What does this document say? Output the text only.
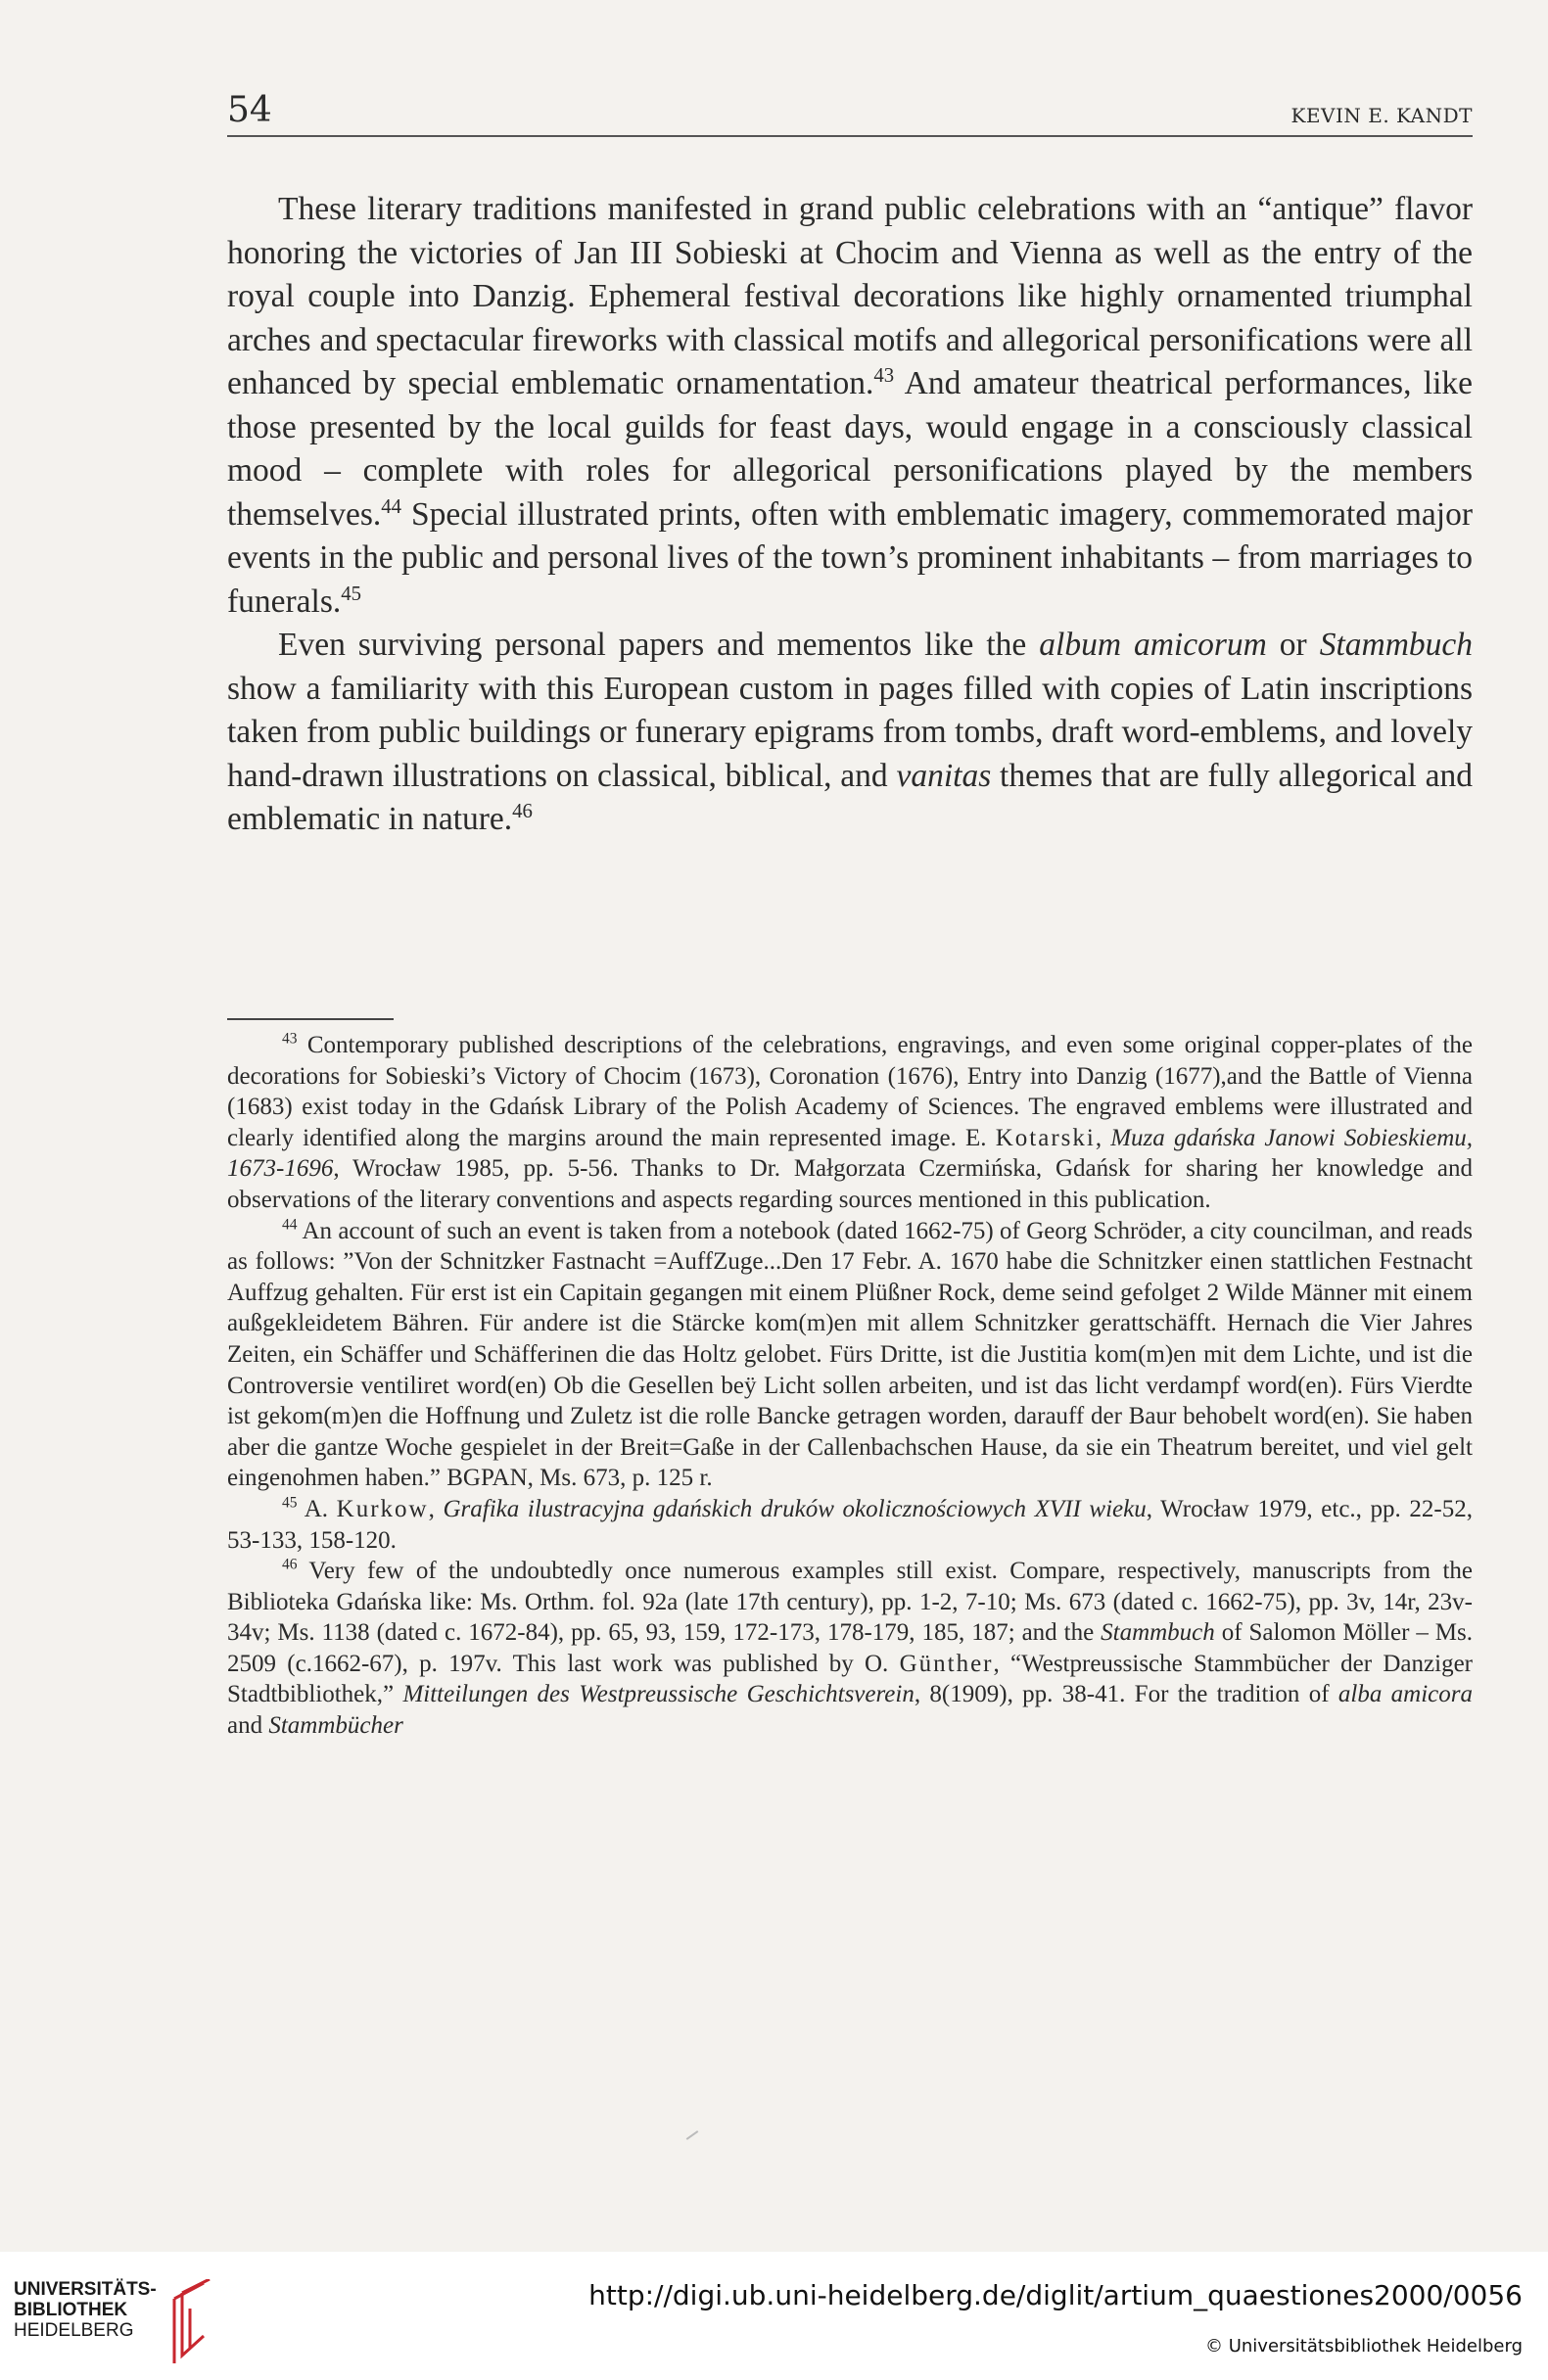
54	KEVIN E. KANDT

These literary traditions manifested in grand public celebrations with an “antique” flavor honoring the victories of Jan III Sobieski at Chocim and Vienna as well as the entry of the royal couple into Danzig. Ephemeral festival decorations like highly ornamented triumphal arches and spectacular fireworks with classical motifs and allegorical personifications were all enhanced by special emblematic ornamentation.$^{43}$ And amateur theatrical performances, like those presented by the local guilds for feast days, would engage in a consciously classical mood – complete with roles for allegorical personifications played by the members themselves.$^{44}$ Special illustrated prints, often with emblematic imagery, commemorated major events in the public and personal lives of the town’s prominent inhabitants – from marriages to funerals.$^{45}$

Even surviving personal papers and mementos like the album amicorum or Stammbuch show a familiarity with this European custom in pages filled with copies of Latin inscriptions taken from public buildings or funerary epigrams from tombs, draft word-emblems, and lovely hand-drawn illustrations on classical, biblical, and vanitas themes that are fully allegorical and emblematic in nature.$^{46}$

$^{43}$ Contemporary published descriptions of the celebrations, engravings, and even some original copper-plates of the decorations for Sobieski’s Victory of Chocim (1673), Coronation (1676), Entry into Danzig (1677),and the Battle of Vienna (1683) exist today in the Gdańsk Library of the Polish Academy of Sciences. The engraved emblems were illustrated and clearly identified along the margins around the main represented image. E. Kotarski, Muza gdańska Janowi Sobieskiemu, 1673-1696, Wrocław 1985, pp. 5-56. Thanks to Dr. Małgorzata Czermińska, Gdańsk for sharing her knowledge and observations of the literary conventions and aspects regarding sources mentioned in this publication.

$^{44}$ An account of such an event is taken from a notebook (dated 1662-75) of Georg Schröder, a city councilman, and reads as follows: ”Von der Schnitzker Fastnacht =AuffZuge...Den 17 Febr. A. 1670 habe die Schnitzker einen stattlichen Festnacht Auffzug gehalten. Für erst ist ein Capitain gegangen mit einem Plüßner Rock, deme seind gefolget 2 Wilde Männer mit einem außgekleidetem Bähren. Für andere ist die Stärcke kom(m)en mit allem Schnitzker gerattschäfft. Hernach die Vier Jahres Zeiten, ein Schäffer und Schäfferinen die das Holtz gelobet. Fürs Dritte, ist die Justitia kom(m)en mit dem Lichte, und ist die Controversie ventiliret word(en) Ob die Gesellen beÿ Licht sollen arbeiten, und ist das licht verdampf word(en). Fürs Vierdte ist gekom(m)en die Hoffnung und Zuletz ist die rolle Bancke getragen worden, darauff der Baur behobelt word(en). Sie haben aber die gantze Woche gespielet in der Breit=Gaße in der Callenbachschen Hause, da sie ein Theatrum bereitet, und viel gelt eingenohmen haben.” BGPAN, Ms. 673, p. 125 r.

$^{45}$ A. Kurkow, Grafika ilustracyjna gdańskich druków okolicznościowych XVII wieku, Wrocław 1979, etc., pp. 22-52, 53-133, 158-120.

$^{46}$ Very few of the undoubtedly once numerous examples still exist. Compare, respectively, manuscripts from the Biblioteka Gdańska like: Ms. Orthm. fol. 92a (late 17th century), pp. 1-2, 7-10; Ms. 673 (dated c. 1662-75), pp. 3v, 14r, 23v-34v; Ms. 1138 (dated c. 1672-84), pp. 65, 93, 159, 172-173, 178-179, 185, 187; and the Stammbuch of Salomon Möller – Ms. 2509 (c.1662-67), p. 197v. This last work was published by O. Günther, “Westpreussische Stammbücher der Danziger Stadtbibliothek,” Mitteilungen des Westpreussische Geschichtsverein, 8(1909), pp. 38-41. For the tradition of alba amicora and Stammbücher

UNIVERSITÄTS-
BIBLIOTHEK
HEIDELBERG
http://digi.ub.uni-heidelberg.de/diglit/artium_quaestiones2000/0056
© Universitätsbibliothek Heidelberg
